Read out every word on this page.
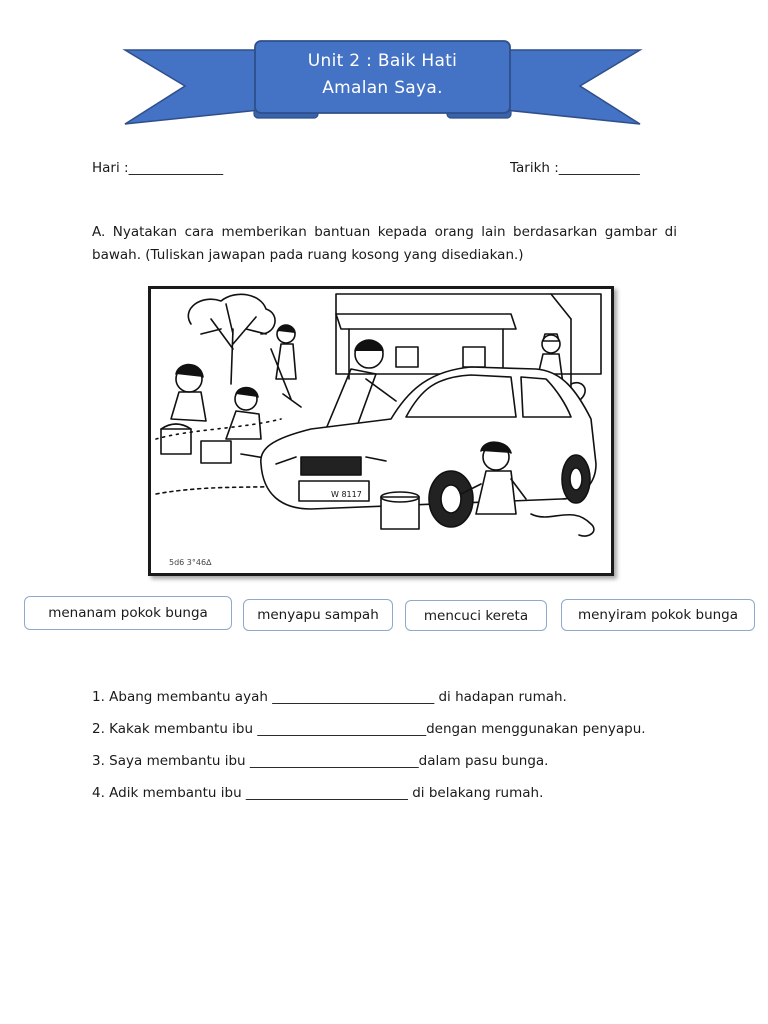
Unit 2 : Baik Hati
Amalan Saya.
Hari :______________	Tarikh :____________
A. Nyatakan cara memberikan bantuan kepada orang lain berdasarkan gambar di bawah. (Tuliskan jawapan pada ruang kosong yang disediakan.)
W 8117
5d6 3°46∆
menanam pokok bunga	menyapu sampah	mencuci kereta	menyiram pokok bunga
1. Abang membantu ayah ________________________ di hadapan rumah.
2. Kakak membantu ibu _________________________dengan menggunakan penyapu.
3. Saya membantu ibu _________________________dalam pasu bunga.
4. Adik membantu ibu ________________________ di belakang rumah.
